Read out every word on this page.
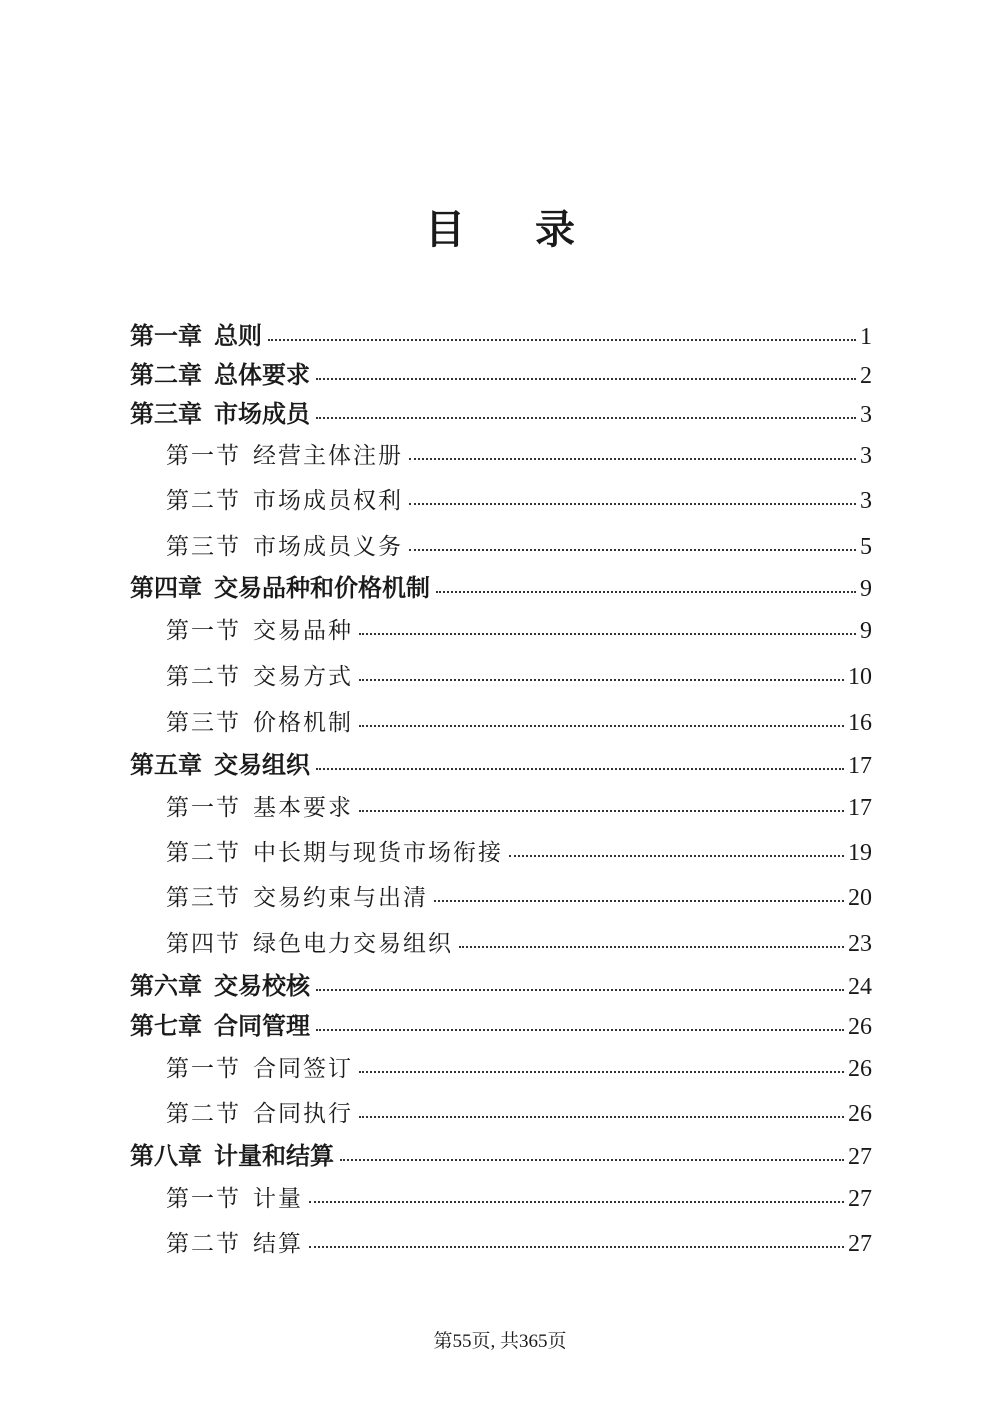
目 录
第一章 总则	1
第二章 总体要求	2
第三章 市场成员	3
第一节 经营主体注册	3
第二节 市场成员权利	3
第三节 市场成员义务	5
第四章 交易品种和价格机制	9
第一节 交易品种	9
第二节 交易方式	10
第三节 价格机制	16
第五章 交易组织	17
第一节 基本要求	17
第二节 中长期与现货市场衔接	19
第三节 交易约束与出清	20
第四节 绿色电力交易组织	23
第六章 交易校核	24
第七章 合同管理	26
第一节 合同签订	26
第二节 合同执行	26
第八章 计量和结算	27
第一节 计量	27
第二节 结算	27
第55页, 共365页
